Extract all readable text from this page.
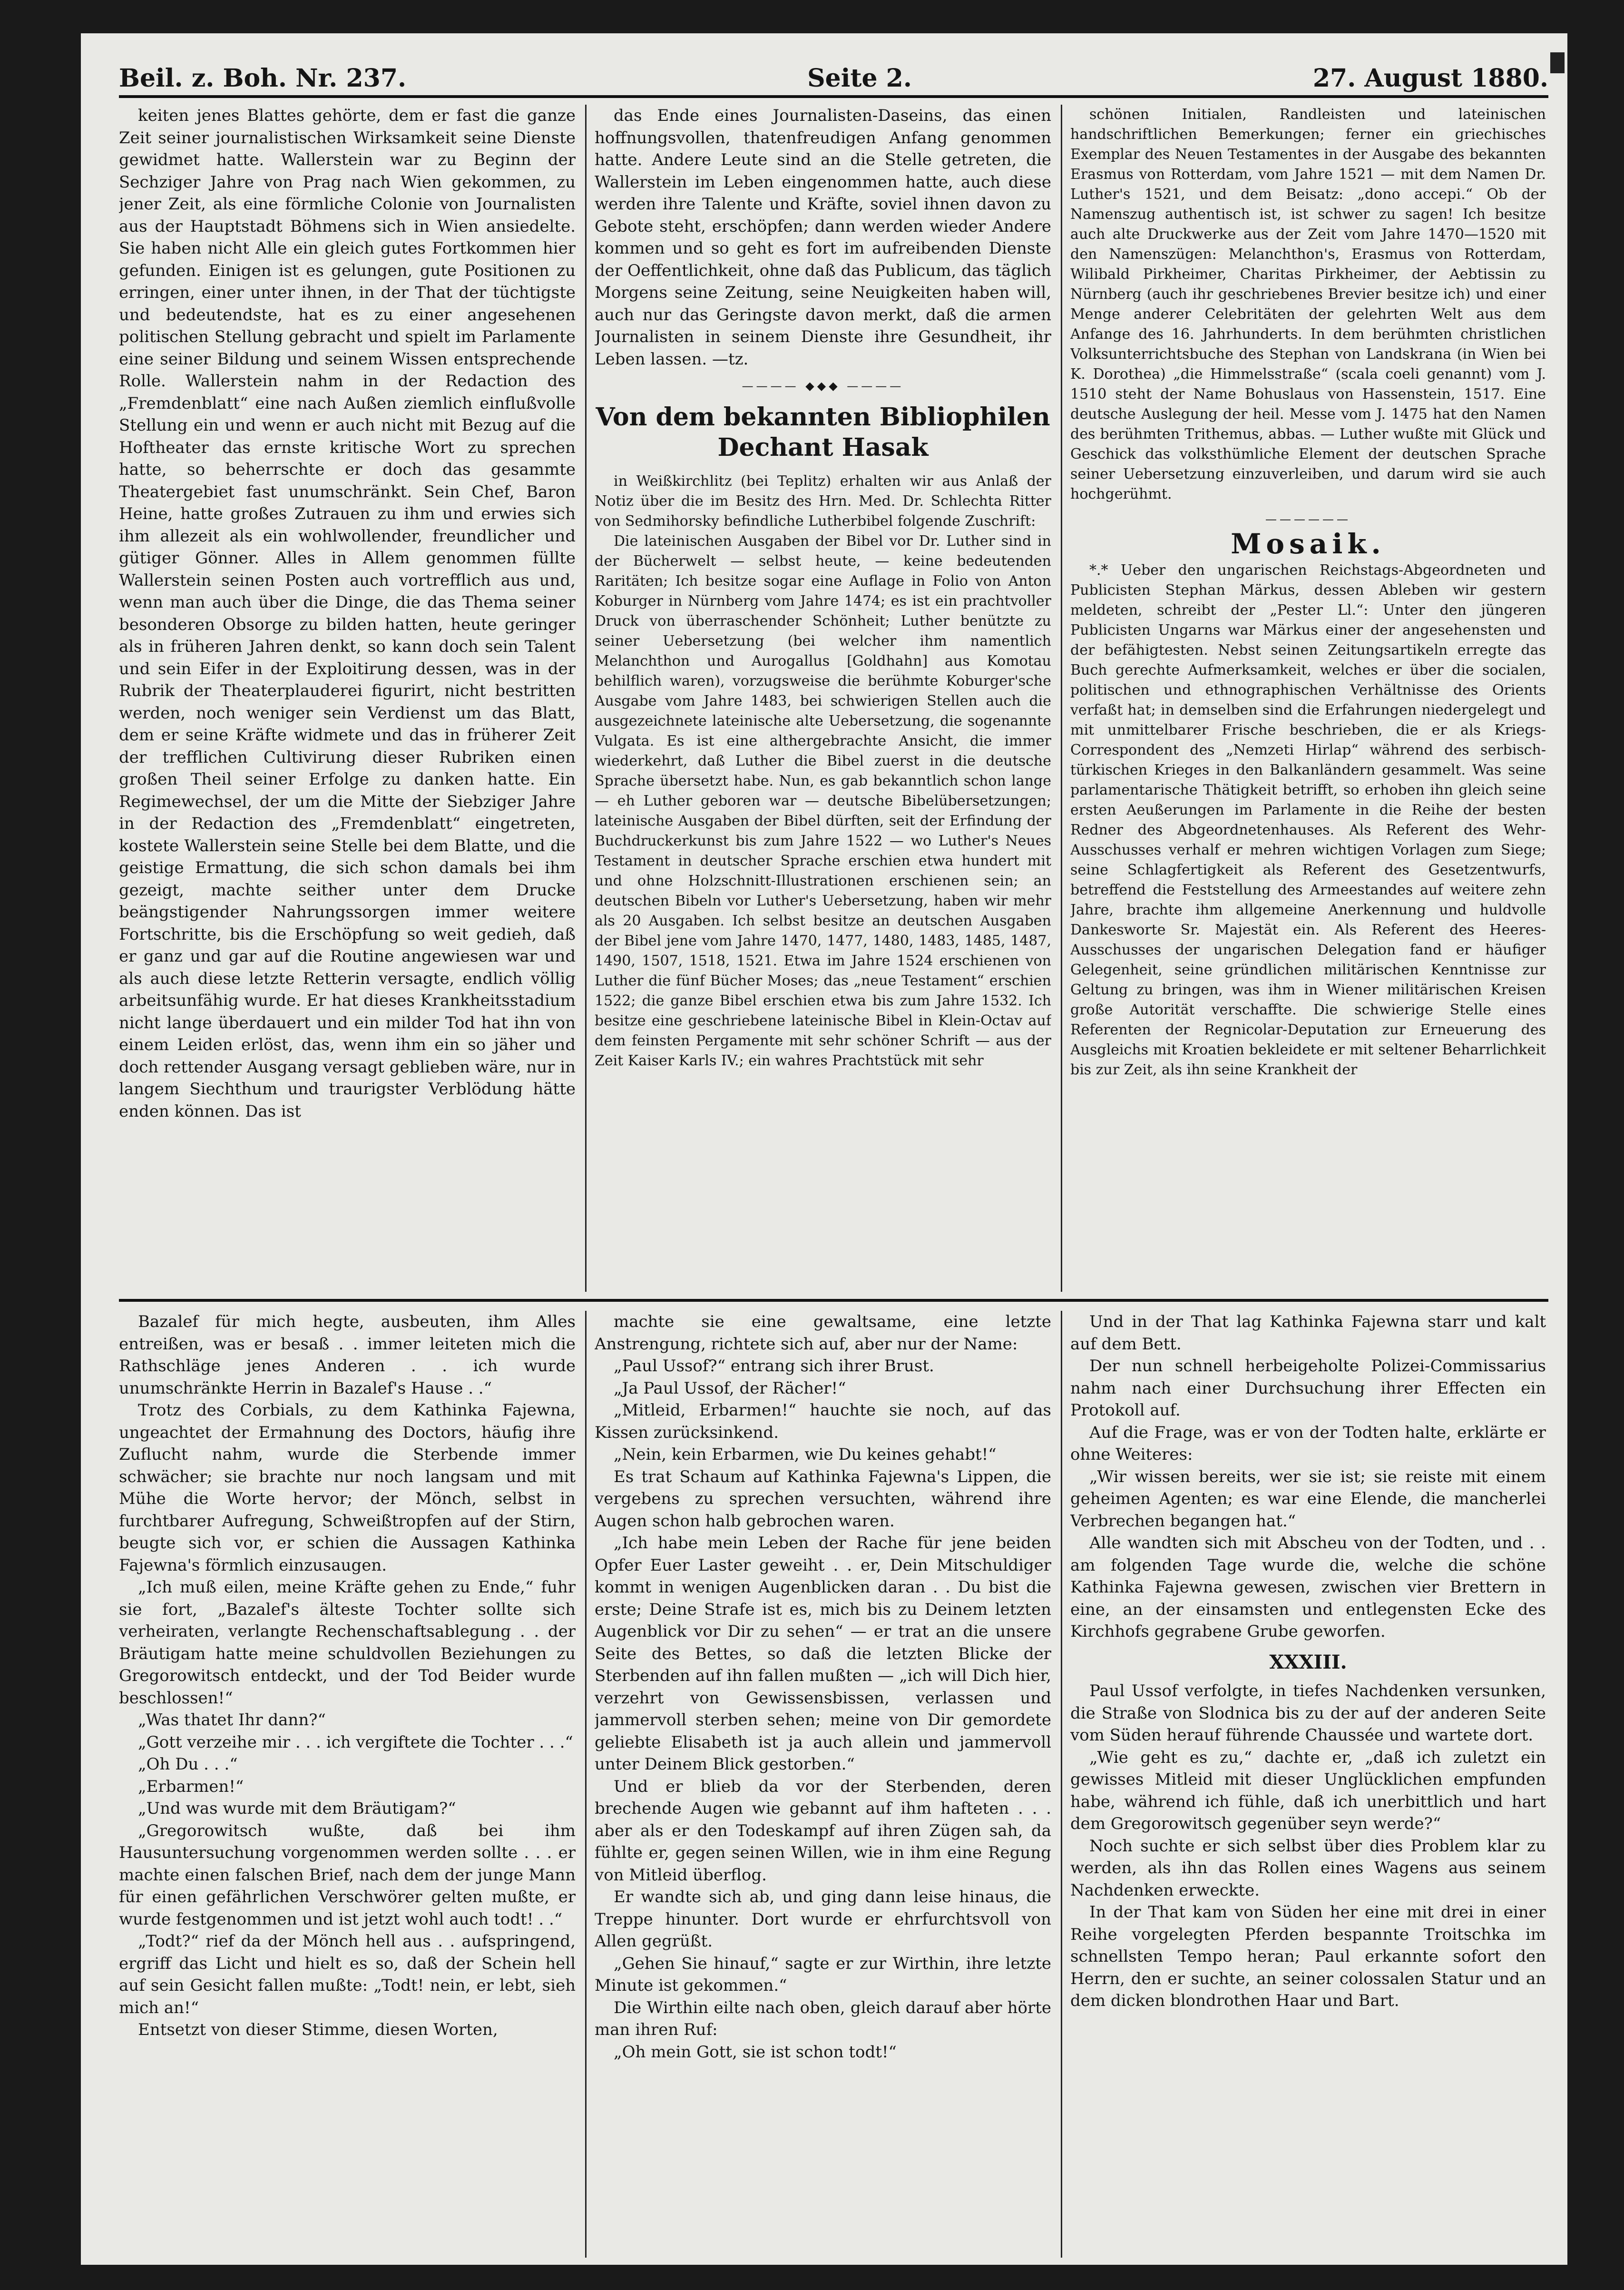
Beil. z. Boh. Nr. 237.	Seite 2.	27. August 1880.

keiten jenes Blattes gehörte, dem er fast die ganze Zeit seiner journalistischen Wirksamkeit seine Dienste gewidmet hatte. Wallerstein war zu Beginn der Sechziger Jahre von Prag nach Wien gekommen, zu jener Zeit, als eine förmliche Colonie von Journalisten aus der Hauptstadt Böhmens sich in Wien ansiedelte. Sie haben nicht Alle ein gleich gutes Fortkommen hier gefunden. Einigen ist es gelungen, gute Positionen zu erringen, einer unter ihnen, in der That der tüchtigste und bedeutendste, hat es zu einer angesehenen politischen Stellung gebracht und spielt im Parlamente eine seiner Bildung und seinem Wissen entsprechende Rolle. Wallerstein nahm in der Redaction des „Fremdenblatt“ eine nach Außen ziemlich einflußvolle Stellung ein und wenn er auch nicht mit Bezug auf die Hoftheater das ernste kritische Wort zu sprechen hatte, so beherrschte er doch das gesammte Theatergebiet fast unumschränkt. Sein Chef, Baron Heine, hatte großes Zutrauen zu ihm und erwies sich ihm allezeit als ein wohlwollender, freundlicher und gütiger Gönner. Alles in Allem genommen füllte Wallerstein seinen Posten auch vortrefflich aus und, wenn man auch über die Dinge, die das Thema seiner besonderen Obsorge zu bilden hatten, heute geringer als in früheren Jahren denkt, so kann doch sein Talent und sein Eifer in der Exploitirung dessen, was in der Rubrik der Theaterplauderei figurirt, nicht bestritten werden, noch weniger sein Verdienst um das Blatt, dem er seine Kräfte widmete und das in früherer Zeit der trefflichen Cultivirung dieser Rubriken einen großen Theil seiner Erfolge zu danken hatte. Ein Regimewechsel, der um die Mitte der Siebziger Jahre in der Redaction des „Fremdenblatt“ eingetreten, kostete Wallerstein seine Stelle bei dem Blatte, und die geistige Ermattung, die sich schon damals bei ihm gezeigt, machte seither unter dem Drucke beängstigender Nahrungssorgen immer weitere Fortschritte, bis die Erschöpfung so weit gedieh, daß er ganz und gar auf die Routine angewiesen war und als auch diese letzte Retterin versagte, endlich völlig arbeitsunfähig wurde. Er hat dieses Krankheitsstadium nicht lange überdauert und ein milder Tod hat ihn von einem Leiden erlöst, das, wenn ihm ein so jäher und doch rettender Ausgang versagt geblieben wäre, nur in langem Siechthum und traurigster Verblödung hätte enden können. Das ist

das Ende eines Journalisten-Daseins, das einen hoffnungsvollen, thatenfreudigen Anfang genommen hatte. Andere Leute sind an die Stelle getreten, die Wallerstein im Leben eingenommen hatte, auch diese werden ihre Talente und Kräfte, soviel ihnen davon zu Gebote steht, erschöpfen; dann werden wieder Andere kommen und so geht es fort im aufreibenden Dienste der Oeffentlichkeit, ohne daß das Publicum, das täglich Morgens seine Zeitung, seine Neuigkeiten haben will, auch nur das Geringste davon merkt, daß die armen Journalisten in seinem Dienste ihre Gesundheit, ihr Leben lassen. —tz.

———— ◆◆◆ ————
Von dem bekannten Bibliophilen Dechant Hasak

in Weißkirchlitz (bei Teplitz) erhalten wir aus Anlaß der Notiz über die im Besitz des Hrn. Med. Dr. Schlechta Ritter von Sedmihorsky befindliche Lutherbibel folgende Zuschrift:

Die lateinischen Ausgaben der Bibel vor Dr. Luther sind in der Bücherwelt — selbst heute, — keine bedeutenden Raritäten; Ich besitze sogar eine Auflage in Folio von Anton Koburger in Nürnberg vom Jahre 1474; es ist ein prachtvoller Druck von überraschender Schönheit; Luther benützte zu seiner Uebersetzung (bei welcher ihm namentlich Melanchthon und Aurogallus [Goldhahn] aus Komotau behilflich waren), vorzugsweise die berühmte Koburger'sche Ausgabe vom Jahre 1483, bei schwierigen Stellen auch die ausgezeichnete lateinische alte Uebersetzung, die sogenannte Vulgata. Es ist eine althergebrachte Ansicht, die immer wiederkehrt, daß Luther die Bibel zuerst in die deutsche Sprache übersetzt habe. Nun, es gab bekanntlich schon lange — eh Luther geboren war — deutsche Bibelübersetzungen; lateinische Ausgaben der Bibel dürften, seit der Erfindung der Buchdruckerkunst bis zum Jahre 1522 — wo Luther's Neues Testament in deutscher Sprache erschien etwa hundert mit und ohne Holzschnitt-Illustrationen erschienen sein; an deutschen Bibeln vor Luther's Uebersetzung, haben wir mehr als 20 Ausgaben. Ich selbst besitze an deutschen Ausgaben der Bibel jene vom Jahre 1470, 1477, 1480, 1483, 1485, 1487, 1490, 1507, 1518, 1521. Etwa im Jahre 1524 erschienen von Luther die fünf Bücher Moses; das „neue Testament“ erschien 1522; die ganze Bibel erschien etwa bis zum Jahre 1532. Ich besitze eine geschriebene lateinische Bibel in Klein-Octav auf dem feinsten Pergamente mit sehr schöner Schrift — aus der Zeit Kaiser Karls IV.; ein wahres Prachtstück mit sehr

schönen Initialen, Randleisten und lateinischen handschriftlichen Bemerkungen; ferner ein griechisches Exemplar des Neuen Testamentes in der Ausgabe des bekannten Erasmus von Rotterdam, vom Jahre 1521 — mit dem Namen Dr. Luther's 1521, und dem Beisatz: „dono accepi.“ Ob der Namenszug authentisch ist, ist schwer zu sagen! Ich besitze auch alte Druckwerke aus der Zeit vom Jahre 1470—1520 mit den Namenszügen: Melanchthon's, Erasmus von Rotterdam, Wilibald Pirkheimer, Charitas Pirkheimer, der Aebtissin zu Nürnberg (auch ihr geschriebenes Brevier besitze ich) und einer Menge anderer Celebritäten der gelehrten Welt aus dem Anfange des 16. Jahrhunderts. In dem berühmten christlichen Volksunterrichtsbuche des Stephan von Landskrana (in Wien bei K. Dorothea) „die Himmelsstraße“ (scala coeli genannt) vom J. 1510 steht der Name Bohuslaus von Hassenstein, 1517. Eine deutsche Auslegung der heil. Messe vom J. 1475 hat den Namen des berühmten Trithemus, abbas. — Luther wußte mit Glück und Geschick das volksthümliche Element der deutschen Sprache seiner Uebersetzung einzuverleiben, und darum wird sie auch hochgerühmt.

——————
Mosaik.

*.* Ueber den ungarischen Reichstags-Abgeordneten und Publicisten Stephan Märkus, dessen Ableben wir gestern meldeten, schreibt der „Pester Ll.“: Unter den jüngeren Publicisten Ungarns war Märkus einer der angesehensten und der befähigtesten. Nebst seinen Zeitungsartikeln erregte das Buch gerechte Aufmerksamkeit, welches er über die socialen, politischen und ethnographischen Verhältnisse des Orients verfaßt hat; in demselben sind die Erfahrungen niedergelegt und mit unmittelbarer Frische beschrieben, die er als Kriegs-Correspondent des „Nemzeti Hirlap“ während des serbisch-türkischen Krieges in den Balkanländern gesammelt. Was seine parlamentarische Thätigkeit betrifft, so erhoben ihn gleich seine ersten Aeußerungen im Parlamente in die Reihe der besten Redner des Abgeordnetenhauses. Als Referent des Wehr-Ausschusses verhalf er mehren wichtigen Vorlagen zum Siege; seine Schlagfertigkeit als Referent des Gesetzentwurfs, betreffend die Feststellung des Armeestandes auf weitere zehn Jahre, brachte ihm allgemeine Anerkennung und huldvolle Dankesworte Sr. Majestät ein. Als Referent des Heeres-Ausschusses der ungarischen Delegation fand er häufiger Gelegenheit, seine gründlichen militärischen Kenntnisse zur Geltung zu bringen, was ihm in Wiener militärischen Kreisen große Autorität verschaffte. Die schwierige Stelle eines Referenten der Regnicolar-Deputation zur Erneuerung des Ausgleichs mit Kroatien bekleidete er mit seltener Beharrlichkeit bis zur Zeit, als ihn seine Krankheit der

Bazalef für mich hegte, ausbeuten, ihm Alles entreißen, was er besaß . . immer leiteten mich die Rathschläge jenes Anderen . . ich wurde unumschränkte Herrin in Bazalef's Hause . .“

Trotz des Corbials, zu dem Kathinka Fajewna, ungeachtet der Ermahnung des Doctors, häufig ihre Zuflucht nahm, wurde die Sterbende immer schwächer; sie brachte nur noch langsam und mit Mühe die Worte hervor; der Mönch, selbst in furchtbarer Aufregung, Schweißtropfen auf der Stirn, beugte sich vor, er schien die Aussagen Kathinka Fajewna's förmlich einzusaugen.

„Ich muß eilen, meine Kräfte gehen zu Ende,“ fuhr sie fort, „Bazalef's älteste Tochter sollte sich verheiraten, verlangte Rechenschaftsablegung . . der Bräutigam hatte meine schuldvollen Beziehungen zu Gregorowitsch entdeckt, und der Tod Beider wurde beschlossen!“

„Was thatet Ihr dann?“

„Gott verzeihe mir . . . ich vergiftete die Tochter . . .“

„Oh Du . . .“

„Erbarmen!“

„Und was wurde mit dem Bräutigam?“

„Gregorowitsch wußte, daß bei ihm Hausuntersuchung vorgenommen werden sollte . . . er machte einen falschen Brief, nach dem der junge Mann für einen gefährlichen Verschwörer gelten mußte, er wurde festgenommen und ist jetzt wohl auch todt! . .“

„Todt?“ rief da der Mönch hell aus . . aufspringend, ergriff das Licht und hielt es so, daß der Schein hell auf sein Gesicht fallen mußte: „Todt! nein, er lebt, sieh mich an!“

Entsetzt von dieser Stimme, diesen Worten,

machte sie eine gewaltsame, eine letzte Anstrengung, richtete sich auf, aber nur der Name:

„Paul Ussof?“ entrang sich ihrer Brust.

„Ja Paul Ussof, der Rächer!“

„Mitleid, Erbarmen!“ hauchte sie noch, auf das Kissen zurücksinkend.

„Nein, kein Erbarmen, wie Du keines gehabt!“

Es trat Schaum auf Kathinka Fajewna's Lippen, die vergebens zu sprechen versuchten, während ihre Augen schon halb gebrochen waren.

„Ich habe mein Leben der Rache für jene beiden Opfer Euer Laster geweiht . . er, Dein Mitschuldiger kommt in wenigen Augenblicken daran . . Du bist die erste; Deine Strafe ist es, mich bis zu Deinem letzten Augenblick vor Dir zu sehen“ — er trat an die unsere Seite des Bettes, so daß die letzten Blicke der Sterbenden auf ihn fallen mußten — „ich will Dich hier, verzehrt von Gewissensbissen, verlassen und jammervoll sterben sehen; meine von Dir gemordete geliebte Elisabeth ist ja auch allein und jammervoll unter Deinem Blick gestorben.“

Und er blieb da vor der Sterbenden, deren brechende Augen wie gebannt auf ihm hafteten . . . aber als er den Todeskampf auf ihren Zügen sah, da fühlte er, gegen seinen Willen, wie in ihm eine Regung von Mitleid überflog.

Er wandte sich ab, und ging dann leise hinaus, die Treppe hinunter. Dort wurde er ehrfurchtsvoll von Allen gegrüßt.

„Gehen Sie hinauf,“ sagte er zur Wirthin, ihre letzte Minute ist gekommen.“

Die Wirthin eilte nach oben, gleich darauf aber hörte man ihren Ruf:

„Oh mein Gott, sie ist schon todt!“

Und in der That lag Kathinka Fajewna starr und kalt auf dem Bett.

Der nun schnell herbeigeholte Polizei-Commissarius nahm nach einer Durchsuchung ihrer Effecten ein Protokoll auf.

Auf die Frage, was er von der Todten halte, erklärte er ohne Weiteres:

„Wir wissen bereits, wer sie ist; sie reiste mit einem geheimen Agenten; es war eine Elende, die mancherlei Verbrechen begangen hat.“

Alle wandten sich mit Abscheu von der Todten, und . . am folgenden Tage wurde die, welche die schöne Kathinka Fajewna gewesen, zwischen vier Brettern in eine, an der einsamsten und entlegensten Ecke des Kirchhofs gegrabene Grube geworfen.

XXXIII.

Paul Ussof verfolgte, in tiefes Nachdenken versunken, die Straße von Slodnica bis zu der auf der anderen Seite vom Süden herauf führende Chaussée und wartete dort.

„Wie geht es zu,“ dachte er, „daß ich zuletzt ein gewisses Mitleid mit dieser Unglücklichen empfunden habe, während ich fühle, daß ich unerbittlich und hart dem Gregorowitsch gegenüber seyn werde?“

Noch suchte er sich selbst über dies Problem klar zu werden, als ihn das Rollen eines Wagens aus seinem Nachdenken erweckte.

In der That kam von Süden her eine mit drei in einer Reihe vorgelegten Pferden bespannte Troitschka im schnellsten Tempo heran; Paul erkannte sofort den Herrn, den er suchte, an seiner colossalen Statur und an dem dicken blondrothen Haar und Bart.
